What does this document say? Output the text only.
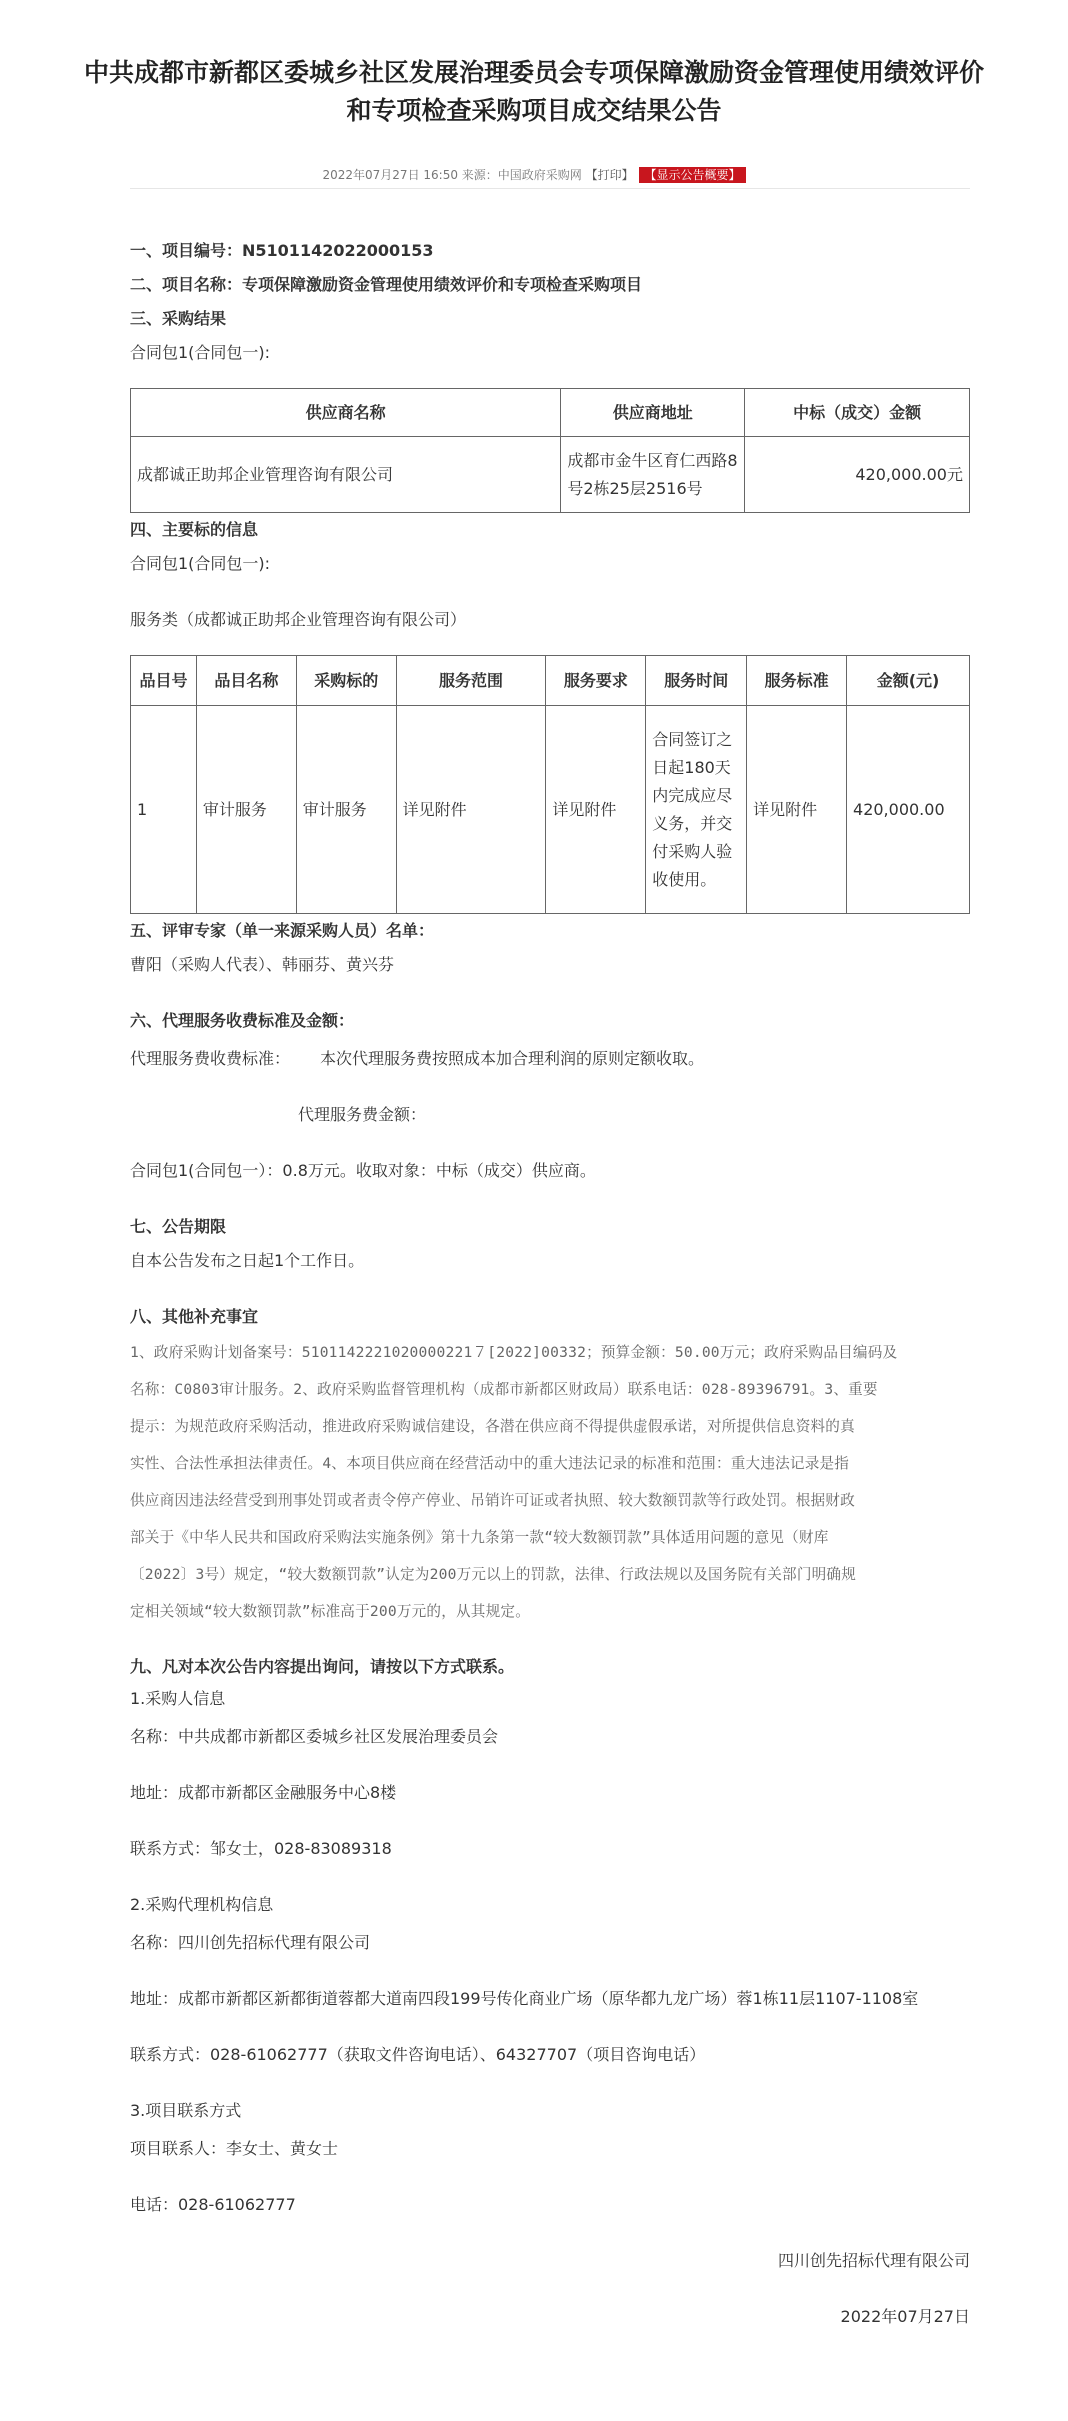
中共成都市新都区委城乡社区发展治理委员会专项保障激励资金管理使用绩效评价
和专项检查采购项目成交结果公告
2022年07月27日 16:50 来源：中国政府采购网 【打印】 【显示公告概要】

一、项目编号：N5101142022000153

二、项目名称：专项保障激励资金管理使用绩效评价和专项检查采购项目

三、采购结果

合同包1(合同包一):

供应商名称	供应商地址	中标（成交）金额
成都诚正助邦企业管理咨询有限公司	成都市金牛区育仁西路8号2栋25层2516号	420,000.00元

四、主要标的信息

合同包1(合同包一):

服务类（成都诚正助邦企业管理咨询有限公司）

品目号	品目名称	采购标的	服务范围	服务要求	服务时间	服务标准	金额(元)
1	审计服务	审计服务	详见附件	详见附件	合同签订之日起180天内完成应尽义务，并交付采购人验收使用。	详见附件	420,000.00

五、评审专家（单一来源采购人员）名单：

曹阳（采购人代表）、韩丽芬、黄兴芬

六、代理服务收费标准及金额：

代理服务费收费标准： 本次代理服务费按照成本加合理利润的原则定额收取。

代理服务费金额：

合同包1(合同包一）：0.8万元。收取对象：中标（成交）供应商。

七、公告期限

自本公告发布之日起1个工作日。

八、其他补充事宜

1、政府采购计划备案号：5101142221020000221７[2022]00332；预算金额：50.00万元；政府采购品目编码及

名称：C0803审计服务。2、政府采购监督管理机构（成都市新都区财政局）联系电话：028-89396791。3、重要

提示：为规范政府采购活动，推进政府采购诚信建设，各潜在供应商不得提供虚假承诺，对所提供信息资料的真

实性、合法性承担法律责任。4、本项目供应商在经营活动中的重大违法记录的标准和范围：重大违法记录是指

供应商因违法经营受到刑事处罚或者责令停产停业、吊销许可证或者执照、较大数额罚款等行政处罚。根据财政

部关于《中华人民共和国政府采购法实施条例》第十九条第一款“较大数额罚款”具体适用问题的意见（财库

〔2022〕3号）规定，“较大数额罚款”认定为200万元以上的罚款，法律、行政法规以及国务院有关部门明确规

定相关领域“较大数额罚款”标准高于200万元的，从其规定。

九、凡对本次公告内容提出询问，请按以下方式联系。

1.采购人信息

名称：中共成都市新都区委城乡社区发展治理委员会

地址：成都市新都区金融服务中心8楼

联系方式：邹女士，028-83089318

2.采购代理机构信息

名称：四川创先招标代理有限公司

地址：成都市新都区新都街道蓉都大道南四段199号传化商业广场（原华都九龙广场）蓉1栋11层1107-1108室

联系方式：028-61062777（获取文件咨询电话）、64327707（项目咨询电话）

3.项目联系方式

项目联系人：李女士、黄女士

电话：028-61062777

四川创先招标代理有限公司

2022年07月27日
